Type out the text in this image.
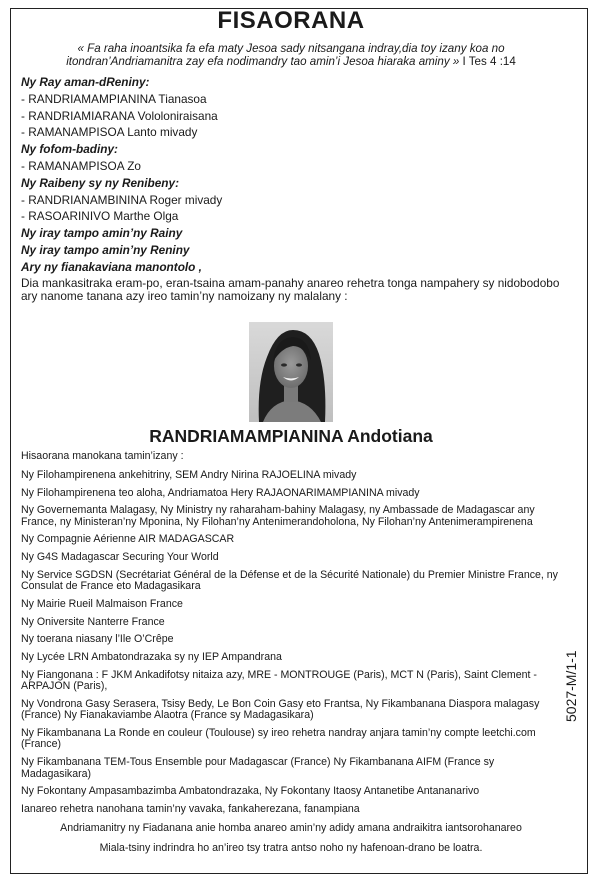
FISAORANA

« Fa raha inoantsika fa efa maty Jesoa sady nitsangana indray,dia toy izany koa no itondran’Andriamanitra zay efa nodimandry tao amin’i Jesoa hiaraka aminy » I Tes 4 :14

Ny Ray aman-dReniny:
- RANDRIAMAMPIANINA Tianasoa
- RANDRIAMIARANA Vololoniraisana
- RAMANAMPISOA Lanto mivady
Ny fofom-badiny:
- RAMANAMPISOA Zo
Ny Raibeny sy ny Renibeny:
- RANDRIANAMBININA Roger mivady
- RASOARINIVO Marthe Olga
Ny iray tampo amin’ny Rainy
Ny iray tampo amin’ny Reniny
Ary ny fianakaviana manontolo ,
Dia mankasitraka eram-po, eran-tsaina amam-panahy anareo rehetra tonga nampahery sy nidobodobo ary nanome tanana azy ireo tamin’ny namoizany ny malalany :
RANDRIAMAMPIANINA Andotiana
Hisaorana manokana tamin’izany :
Ny Filohampirenena ankehitriny, SEM Andry Nirina RAJOELINA mivady
Ny Filohampirenena teo aloha, Andriamatoa Hery RAJAONARIMAMPIANINA mivady
Ny Governemanta Malagasy, Ny Ministry ny raharaham-bahiny Malagasy, ny Ambassade de Madagascar any France, ny Ministeran’ny Mponina, Ny Filohan’ny Antenimerandoholona, Ny Filohan’ny Antenimerampirenena
Ny Compagnie Aérienne AIR MADAGASCAR
Ny G4S Madagascar Securing Your World
Ny Service SGDSN (Secrétariat Général de la Défense et de la Sécurité Nationale) du Premier Ministre France, ny Consulat de France eto Madagasikara
Ny Mairie Rueil Malmaison France
Ny Oniversite Nanterre France
Ny toerana niasany l’Ile O’Crêpe
Ny Lycée LRN Ambatondrazaka sy ny IEP Ampandrana
Ny Fiangonana : F JKM Ankadifotsy nitaiza azy, MRE - MONTROUGE (Paris), MCT N (Paris), Saint Clement - ARPAJON (Paris),
Ny Vondrona Gasy Serasera, Tsisy Bedy, Le Bon Coin Gasy eto Frantsa, Ny Fikambanana Diaspora malagasy (France) Ny Fianakaviambe Alaotra (France sy Madagasikara)
Ny Fikambanana La Ronde en couleur (Toulouse) sy ireo rehetra nandray anjara tamin’ny compte leetchi.com (France)
Ny Fikambanana TEM-Tous Ensemble pour Madagascar (France) Ny Fikambanana AIFM (France sy Madagasikara)
Ny Fokontany Ampasambazimba Ambatondrazaka, Ny Fokontany Itaosy Antanetibe Antananarivo
Ianareo rehetra nanohana tamin’ny vavaka, fankaherezana, fanampiana

Andriamanitry ny Fiadanana anie homba anareo amin’ny adidy amana andraikitra iantsorohanareo

Miala-tsiny indrindra ho an’ireo tsy tratra antso noho ny hafenoan-drano be loatra.

5027-M/1-1
